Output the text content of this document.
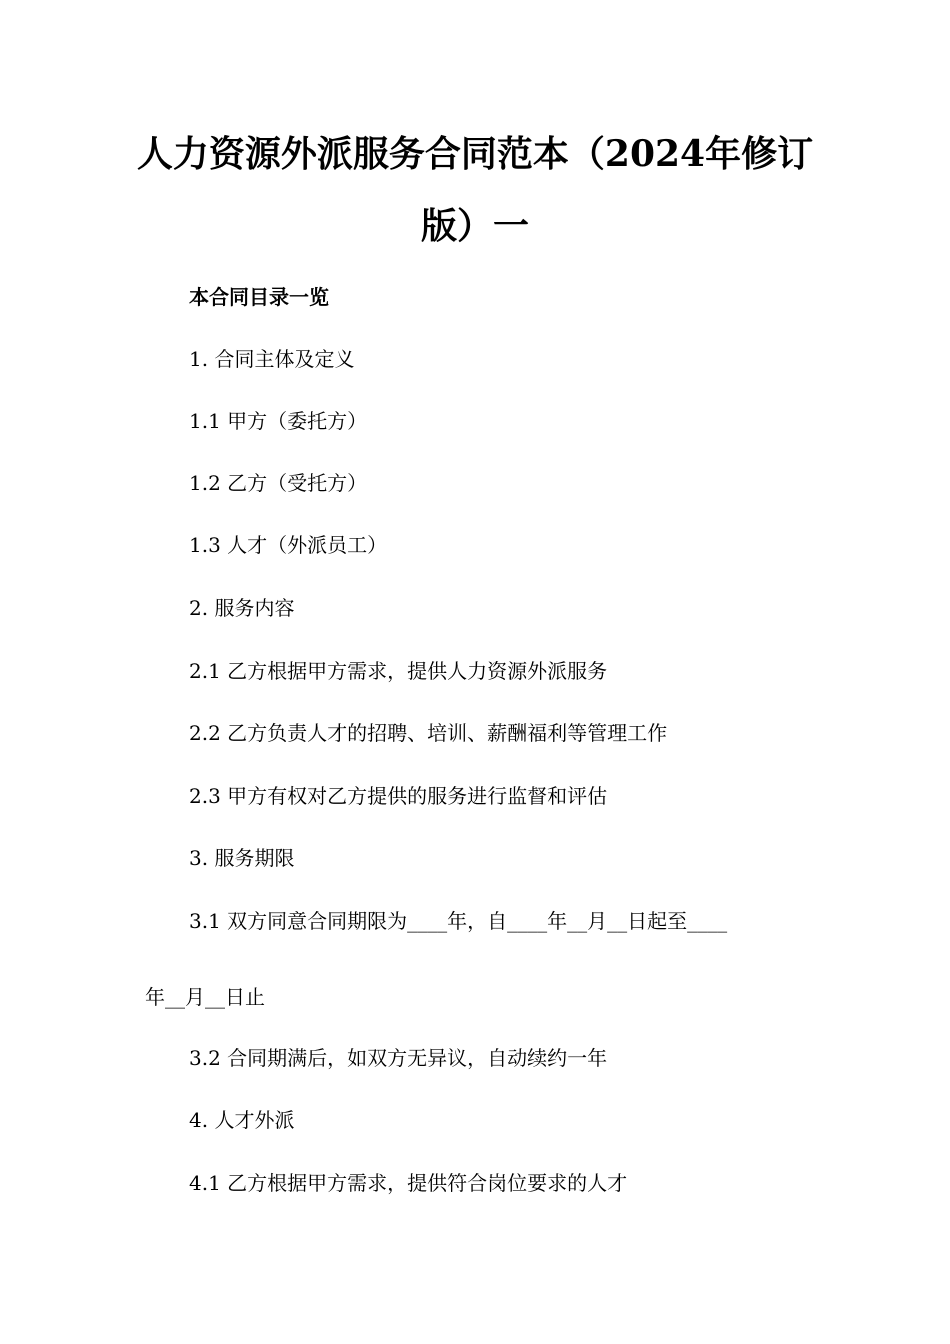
人力资源外派服务合同范本（2024年修订
版）一
本合同目录一览
1. 合同主体及定义
1.1 甲方（委托方）
1.2 乙方（受托方）
1.3 人才（外派员工）
2. 服务内容
2.1 乙方根据甲方需求，提供人力资源外派服务
2.2 乙方负责人才的招聘、培训、薪酬福利等管理工作
2.3 甲方有权对乙方提供的服务进行监督和评估
3. 服务期限
3.1 双方同意合同期限为____年，自____年__月__日起至____
年__月__日止
3.2 合同期满后，如双方无异议，自动续约一年
4. 人才外派
4.1 乙方根据甲方需求，提供符合岗位要求的人才
